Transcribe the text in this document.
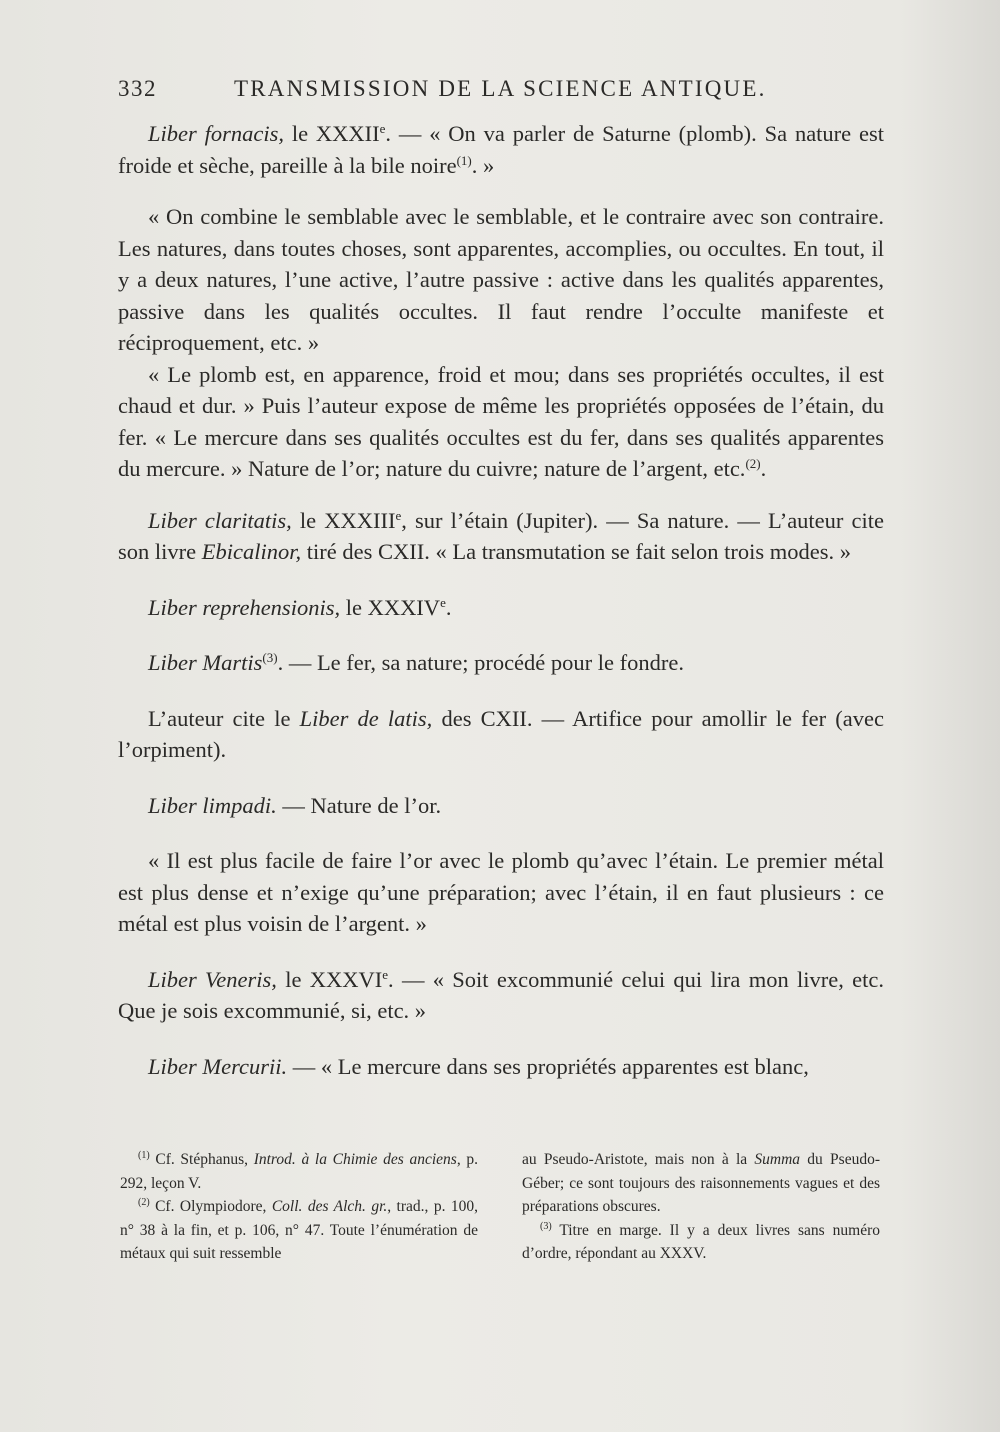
332	TRANSMISSION DE LA SCIENCE ANTIQUE.

Liber fornacis, le XXXIIe. — « On va parler de Saturne (plomb). Sa nature est froide et sèche, pareille à la bile noire$^{(1)}$. »

« On combine le semblable avec le semblable, et le contraire avec son contraire. Les natures, dans toutes choses, sont apparentes, accomplies, ou occultes. En tout, il y a deux natures, l’une active, l’autre passive : active dans les qualités apparentes, passive dans les qualités occultes. Il faut rendre l’occulte manifeste et réciproquement, etc. »

« Le plomb est, en apparence, froid et mou; dans ses propriétés occultes, il est chaud et dur. » Puis l’auteur expose de même les propriétés opposées de l’étain, du fer. « Le mercure dans ses qualités occultes est du fer, dans ses qualités apparentes du mercure. » Nature de l’or; nature du cuivre; nature de l’argent, etc.$^{(2)}$.

Liber claritatis, le XXXIIIe, sur l’étain (Jupiter). — Sa nature. — L’auteur cite son livre Ebicalinor, tiré des CXII. « La transmutation se fait selon trois modes. »

Liber reprehensionis, le XXXIVe.

Liber Martis$^{(3)}$. — Le fer, sa nature; procédé pour le fondre.

L’auteur cite le Liber de latis, des CXII. — Artifice pour amollir le fer (avec l’orpiment).

Liber limpadi. — Nature de l’or.

« Il est plus facile de faire l’or avec le plomb qu’avec l’étain. Le premier métal est plus dense et n’exige qu’une préparation; avec l’étain, il en faut plusieurs : ce métal est plus voisin de l’argent. »

Liber Veneris, le XXXVIe. — « Soit excommunié celui qui lira mon livre, etc. Que je sois excommunié, si, etc. »

Liber Mercurii. — « Le mercure dans ses propriétés apparentes est blanc,

$^{(1)}$ Cf. Stéphanus, Introd. à la Chimie des anciens, p. 292, leçon V.

$^{(2)}$ Cf. Olympiodore, Coll. des Alch. gr., trad., p. 100, n° 38 à la fin, et p. 106, n° 47. Toute l’énumération de métaux qui suit ressemble

au Pseudo-Aristote, mais non à la Summa du Pseudo-Géber; ce sont toujours des raisonnements vagues et des préparations obscures.

$^{(3)}$ Titre en marge. Il y a deux livres sans numéro d’ordre, répondant au XXXV.
